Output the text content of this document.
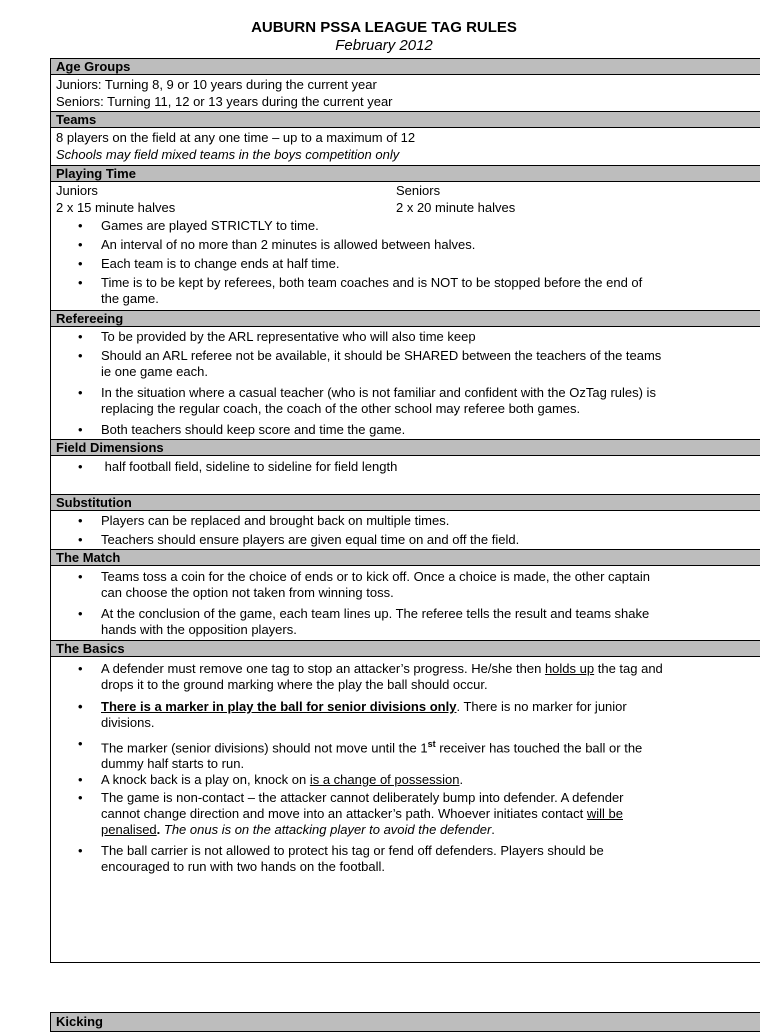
AUBURN PSSA LEAGUE TAG RULES
February 2012
Age Groups
Juniors: Turning 8, 9 or 10 years during the current year
Seniors: Turning 11, 12 or 13 years during the current year
Teams
8 players on the field at any one time – up to a maximum of 12
Schools may field mixed teams in the boys competition only
Playing Time
Juniors	Seniors
2 x 15 minute halves	2 x 20 minute halves
• Games are played STRICTLY to time.
• An interval of no more than 2 minutes is allowed between halves.
• Each team is to change ends at half time.
• Time is to be kept by referees, both team coaches and is NOT to be stopped before the end of
the game.
Refereeing
• To be provided by the ARL representative who will also time keep
• Should an ARL referee not be available, it should be SHARED between the teachers of the teams
ie one game each.
• In the situation where a casual teacher (who is not familiar and confident with the OzTag rules) is
replacing the regular coach, the coach of the other school may referee both games.
• Both teachers should keep score and time the game.
Field Dimensions
• half football field, sideline to sideline for field length
Substitution
• Players can be replaced and brought back on multiple times.
• Teachers should ensure players are given equal time on and off the field.
The Match
• Teams toss a coin for the choice of ends or to kick off. Once a choice is made, the other captain
can choose the option not taken from winning toss.
• At the conclusion of the game, each team lines up. The referee tells the result and teams shake
hands with the opposition players.
The Basics
• A defender must remove one tag to stop an attacker’s progress. He/she then holds up the tag and
drops it to the ground marking where the play the ball should occur.
• There is a marker in play the ball for senior divisions only. There is no marker for junior
divisions.
• The marker (senior divisions) should not move until the 1st receiver has touched the ball or the
dummy half starts to run.
• A knock back is a play on, knock on is a change of possession.
• The game is non-contact – the attacker cannot deliberately bump into defender. A defender
cannot change direction and move into an attacker’s path. Whoever initiates contact will be
penalised. The onus is on the attacking player to avoid the defender.
• The ball carrier is not allowed to protect his tag or fend off defenders. Players should be
encouraged to run with two hands on the football.
Kicking
